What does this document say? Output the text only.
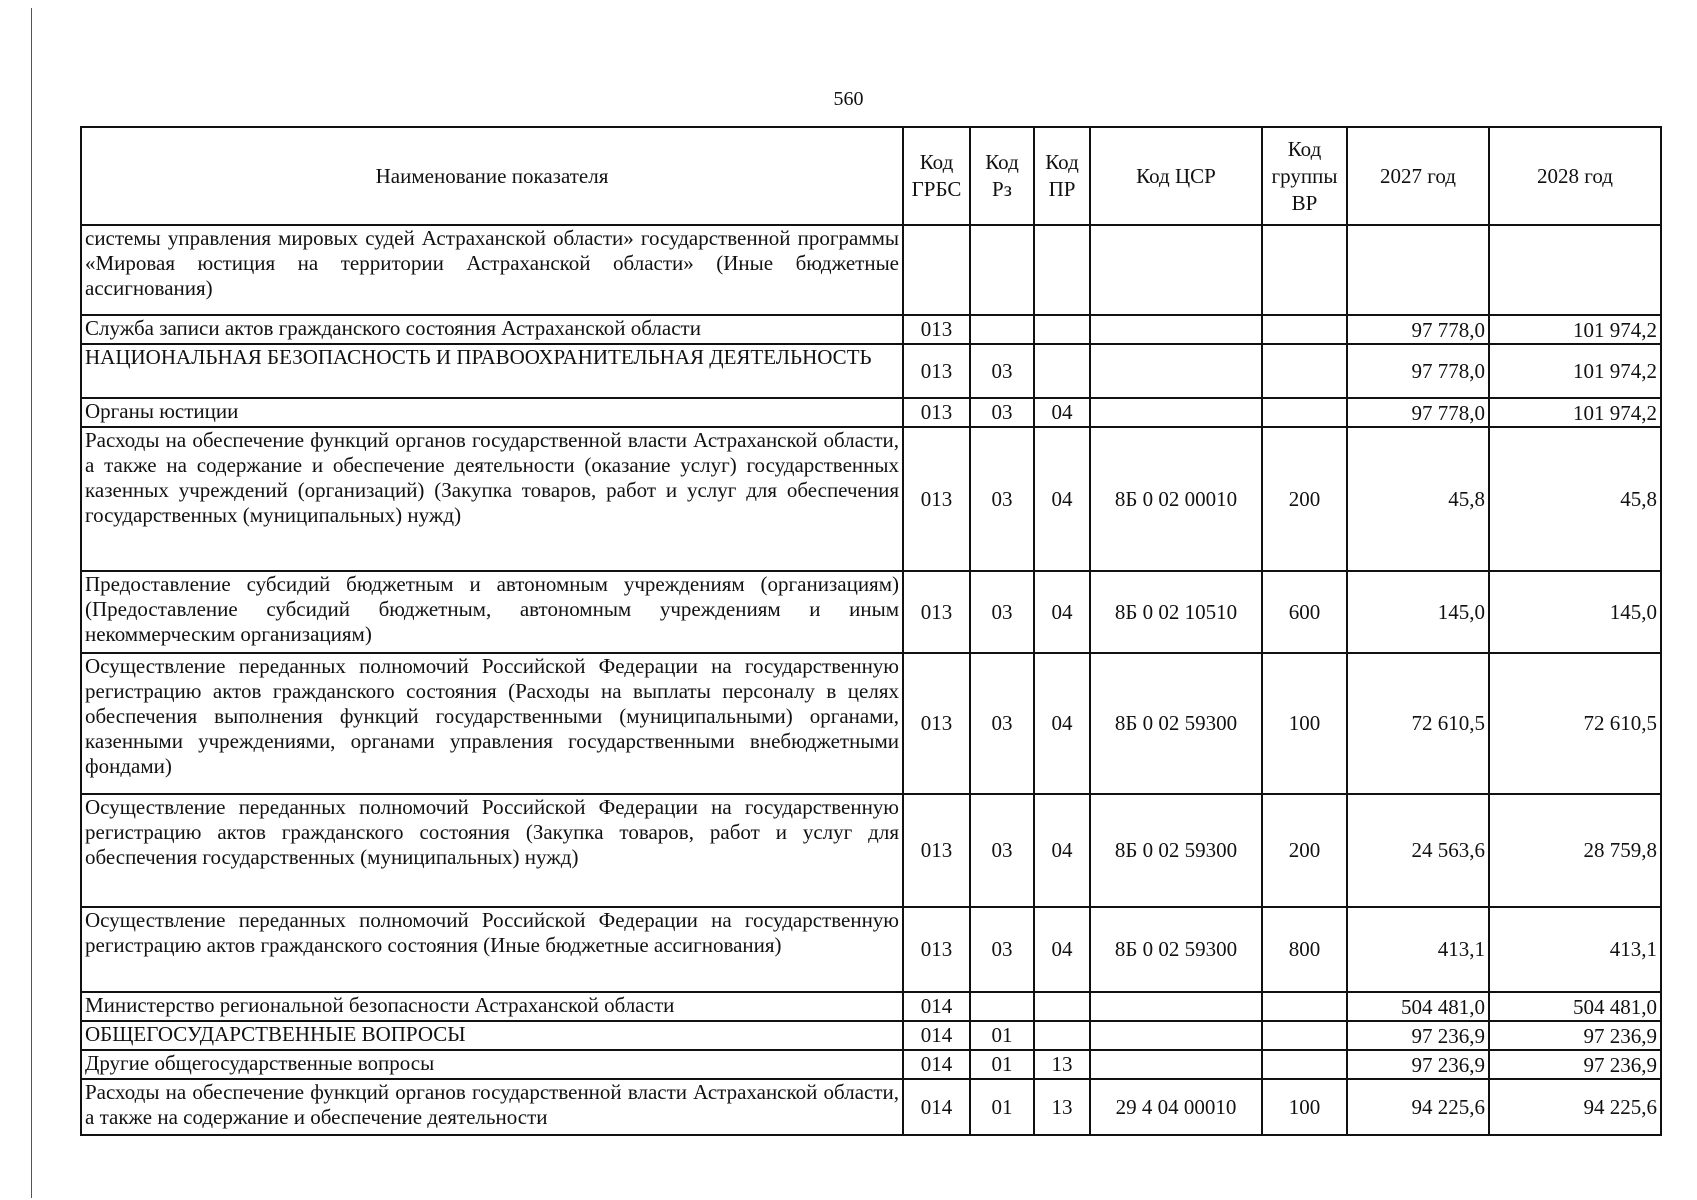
560
Наименование показателя	Код ГРБС	Код Рз	Код ПР	Код ЦСР	Код группы ВР	2027 год	2028 год
системы управления мировых судей Астраханской области» государственной программы «Мировая юстиция на территории Астраханской области» (Иные бюджетные ассигнования)							
Служба записи актов гражданского состояния Астраханской области	013					97 778,0	101 974,2
НАЦИОНАЛЬНАЯ БЕЗОПАСНОСТЬ И ПРАВООХРАНИТЕЛЬНАЯ ДЕЯТЕЛЬНОСТЬ	013	03				97 778,0	101 974,2
Органы юстиции	013	03	04			97 778,0	101 974,2
Расходы на обеспечение функций органов государственной власти Астраханской области, а также на содержание и обеспечение деятельности (оказание услуг) государственных казенных учреждений (организаций) (Закупка товаров, работ и услуг для обеспечения государственных (муниципальных) нужд)	013	03	04	8Б 0 02 00010	200	45,8	45,8
Предоставление субсидий бюджетным и автономным учреждениям (организациям) (Предоставление субсидий бюджетным, автономным учреждениям и иным некоммерческим организациям)	013	03	04	8Б 0 02 10510	600	145,0	145,0
Осуществление переданных полномочий Российской Федерации на государственную регистрацию актов гражданского состояния (Расходы на выплаты персоналу в целях обеспечения выполнения функций государственными (муниципальными) органами, казенными учреждениями, органами управления государственными внебюджетными фондами)	013	03	04	8Б 0 02 59300	100	72 610,5	72 610,5
Осуществление переданных полномочий Российской Федерации на государственную регистрацию актов гражданского состояния (Закупка товаров, работ и услуг для обеспечения государственных (муниципальных) нужд)	013	03	04	8Б 0 02 59300	200	24 563,6	28 759,8
Осуществление переданных полномочий Российской Федерации на государственную регистрацию актов гражданского состояния (Иные бюджетные ассигнования)	013	03	04	8Б 0 02 59300	800	413,1	413,1
Министерство региональной безопасности Астраханской области	014					504 481,0	504 481,0
ОБЩЕГОСУДАРСТВЕННЫЕ ВОПРОСЫ	014	01				97 236,9	97 236,9
Другие общегосударственные вопросы	014	01	13			97 236,9	97 236,9
Расходы на обеспечение функций органов государственной власти Астраханской области, а также на содержание и обеспечение деятельности	014	01	13	29 4 04 00010	100	94 225,6	94 225,6
